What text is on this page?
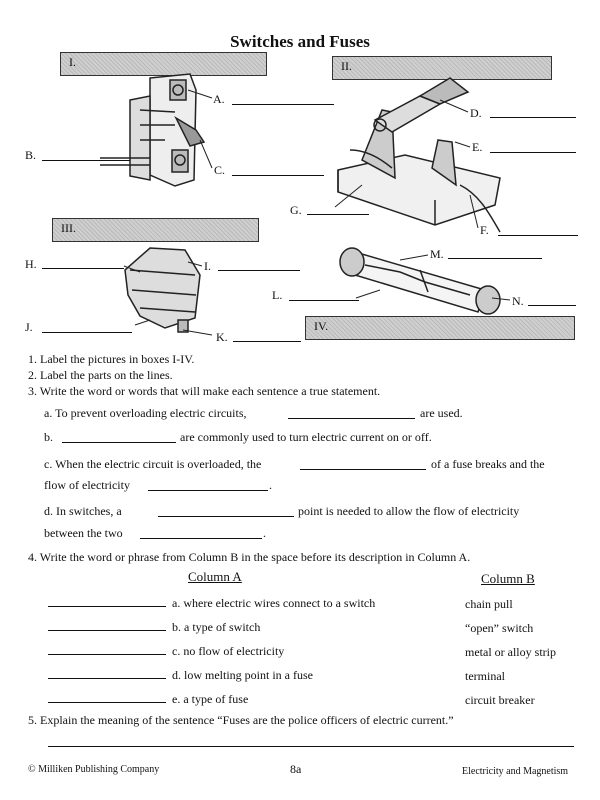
Switches and Fuses
I.	II.
III.
IV.
A.
B.
C.
D.
E.
F.
G.
H.	I.
J.
K.
L.
M.
N.
1. Label the pictures in boxes I-IV.
2. Label the parts on the lines.
3. Write the word or words that will make each sentence a true statement.
a. To prevent overloading electric circuits,	are used.
b.	are commonly used to turn electric current on or off.
c. When the electric circuit is overloaded, the	of a fuse breaks and the
flow of electricity	.
d. In switches, a	point is needed to allow the flow of electricity
between the two	.
4. Write the word or phrase from Column B in the space before its description in Column A.
Column A	Column B
a. where electric wires connect to a switch	chain pull
b. a type of switch	“open” switch
c. no flow of electricity	metal or alloy strip
d. low melting point in a fuse	terminal
e. a type of fuse	circuit breaker
5. Explain the meaning of the sentence “Fuses are the police officers of electric current.”
© Milliken Publishing Company	8a	Electricity and Magnetism
